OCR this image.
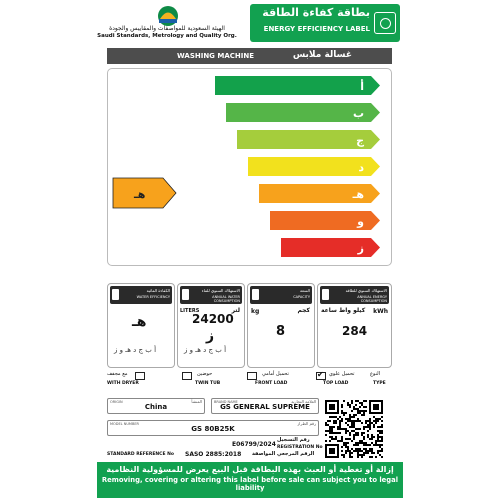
الهيئة السعودية للمواصفات والمقاييس والجودة
Saudi Standards, Metrology and Quality Org.
بطاقة كفاءة الطاقة
ENERGY EFFICIENCY LABEL
WASHING MACHINE	غسالة ملابس
أ
ب
ج
د
هـ
و
ز
هـ
الكفاءة المائية
WATER EFFICIENCY
هـ
أ ب ج د هـ و ز
الاستهلاك السنوي للماء
ANNUAL WATER CONSUMPTION
LITERS	لتر
24200
ز
أ ب ج د هـ و ز
السعة
CAPACITY
kg	كجم
8
الاستهلاك السنوي للطاقة
ANNUAL ENERGY CONSUMPTION
kWh
كيلو واط ساعة
284
مع مجفف
WITH DRYER
حوضين
TWIN TUB
تحميل أمامي
FRONT LOAD
تحميل علوي
✔
TOP LOAD
النوع
TYPE
ORIGIN	المنشأ
China
BRAND NAME	العلامة التجارية
GS GENERAL SUPREME
MODEL NUMBER	رقم الطراز
GS 80B25K
E06799/2024
رقم التسجيل
REGISTRATION No
STANDARD REFERENCE No SASO 2885:2018 الرقم المرجعي المواصفة
إزالة أو تغطية أو العبث بهذه البطاقة قبل البيع يعرض للمسؤولية النظامية
Removing, covering or altering this label before sale can subject you to legal liability
